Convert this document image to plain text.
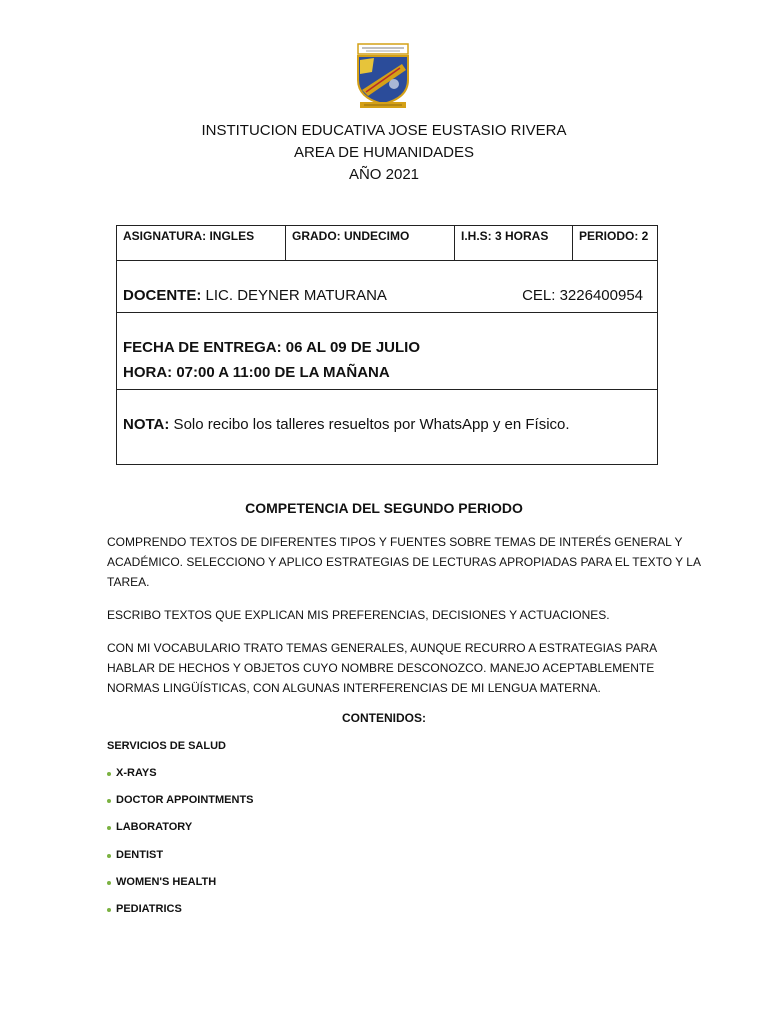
INSTITUCION EDUCATIVA JOSE EUSTASIO RIVERA
AREA DE HUMANIDADES
AÑO 2021
ASIGNATURA: INGLES	GRADO: UNDECIMO	I.H.S: 3 HORAS	PERIODO: 2
DOCENTE: LIC. DEYNER MATURANA	CEL: 3226400954
FECHA DE ENTREGA: 06 AL 09 DE JULIO
HORA: 07:00 A 11:00 DE LA MAÑANA
NOTA: Solo recibo los talleres resueltos por WhatsApp y en Físico.
COMPETENCIA DEL SEGUNDO PERIODO
COMPRENDO TEXTOS DE DIFERENTES TIPOS Y FUENTES SOBRE TEMAS DE INTERÉS GENERAL Y
ACADÉMICO. SELECCIONO Y APLICO ESTRATEGIAS DE LECTURAS APROPIADAS PARA EL TEXTO Y LA
TAREA.
ESCRIBO TEXTOS QUE EXPLICAN MIS PREFERENCIAS, DECISIONES Y ACTUACIONES.
CON MI VOCABULARIO TRATO TEMAS GENERALES, AUNQUE RECURRO A ESTRATEGIAS PARA
HABLAR DE HECHOS Y OBJETOS CUYO NOMBRE DESCONOZCO. MANEJO ACEPTABLEMENTE
NORMAS LINGÜÍSTICAS, CON ALGUNAS INTERFERENCIAS DE MI LENGUA MATERNA.
CONTENIDOS:
SERVICIOS DE SALUD
X-RAYS
DOCTOR APPOINTMENTS
LABORATORY
DENTIST
WOMEN'S HEALTH
PEDIATRICS
